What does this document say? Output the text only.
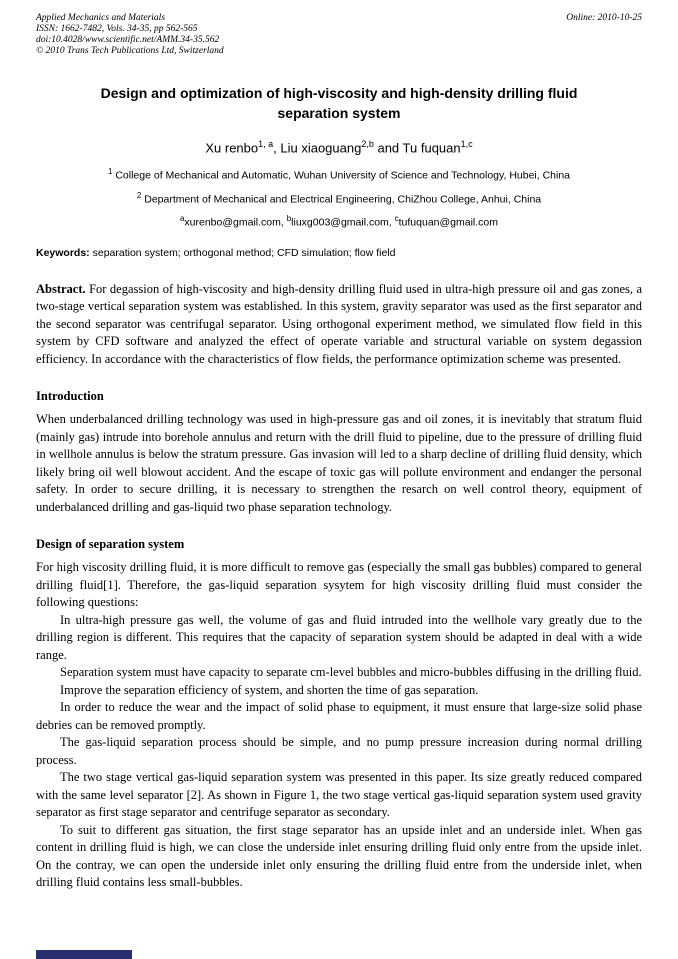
Applied Mechanics and Materials
ISSN: 1662-7482, Vols. 34-35, pp 562-565
doi:10.4028/www.scientific.net/AMM.34-35.562
© 2010 Trans Tech Publications Ltd, Switzerland
Online: 2010-10-25
Design and optimization of high-viscosity and high-density drilling fluid
separation system
Xu renbo$^{1, a}$, Liu xiaoguang$^{2,b}$ and Tu fuquan$^{1,c}$
$^1$ College of Mechanical and Automatic, Wuhan University of Science and Technology, Hubei, China
$^2$ Department of Mechanical and Electrical Engineering, ChiZhou College, Anhui, China
$^a$xurenbo@gmail.com, $^b$liuxg003@gmail.com, $^c$tufuquan@gmail.com
Keywords: separation system; orthogonal method; CFD simulation; flow field

Abstract. For degassion of high-viscosity and high-density drilling fluid used in ultra-high pressure oil and gas zones, a two-stage vertical separation system was established. In this system, gravity separator was used as the first separator and the second separator was centrifugal separator. Using orthogonal experiment method, we simulated flow field in this system by CFD software and analyzed the effect of operate variable and structural variable on system degassion efficiency. In accordance with the characteristics of flow fields, the performance optimization scheme was presented.

Introduction

When underbalanced drilling technology was used in high-pressure gas and oil zones, it is inevitably that stratum fluid (mainly gas) intrude into borehole annulus and return with the drill fluid to pipeline, due to the pressure of drilling fluid in wellhole annulus is below the stratum pressure. Gas invasion will led to a sharp decline of drilling fluid density, which likely bring oil well blowout accident. And the escape of toxic gas will pollute environment and endanger the personal safety. In order to secure drilling, it is necessary to strengthen the resarch on well control theory, equipment of underbalanced drilling and gas-liquid two phase separation technology.

Design of separation system

For high viscosity drilling fluid, it is more difficult to remove gas (especially the small gas bubbles) compared to general drilling fluid[1]. Therefore, the gas-liquid separation sysytem for high viscosity drilling fluid must consider the following questions:

In ultra-high pressure gas well, the volume of gas and fluid intruded into the wellhole vary greatly due to the drilling region is different. This requires that the capacity of separation system should be adapted in deal with a wide range.

Separation system must have capacity to separate cm-level bubbles and micro-bubbles diffusing in the drilling fluid.

Improve the separation efficiency of system, and shorten the time of gas separation.

In order to reduce the wear and the impact of solid phase to equipment, it must ensure that large-size solid phase debries can be removed promptly.

The gas-liquid separation process should be simple, and no pump pressure increasion during normal drilling process.

The two stage vertical gas-liquid separation system was presented in this paper. Its size greatly reduced compared with the same level separator [2]. As shown in Figure 1, the two stage vertical gas-liquid separation system used gravity separator as first stage separator and centrifuge separator as secondary.

To suit to different gas situation, the first stage separator has an upside inlet and an underside inlet. When gas content in drilling fluid is high, we can close the underside inlet ensuring drilling fluid only entre from the upside inlet. On the contray, we can open the underside inlet only ensuring the drilling fluid entre from the underside inlet, when drilling fluid contains less small-bubbles.
